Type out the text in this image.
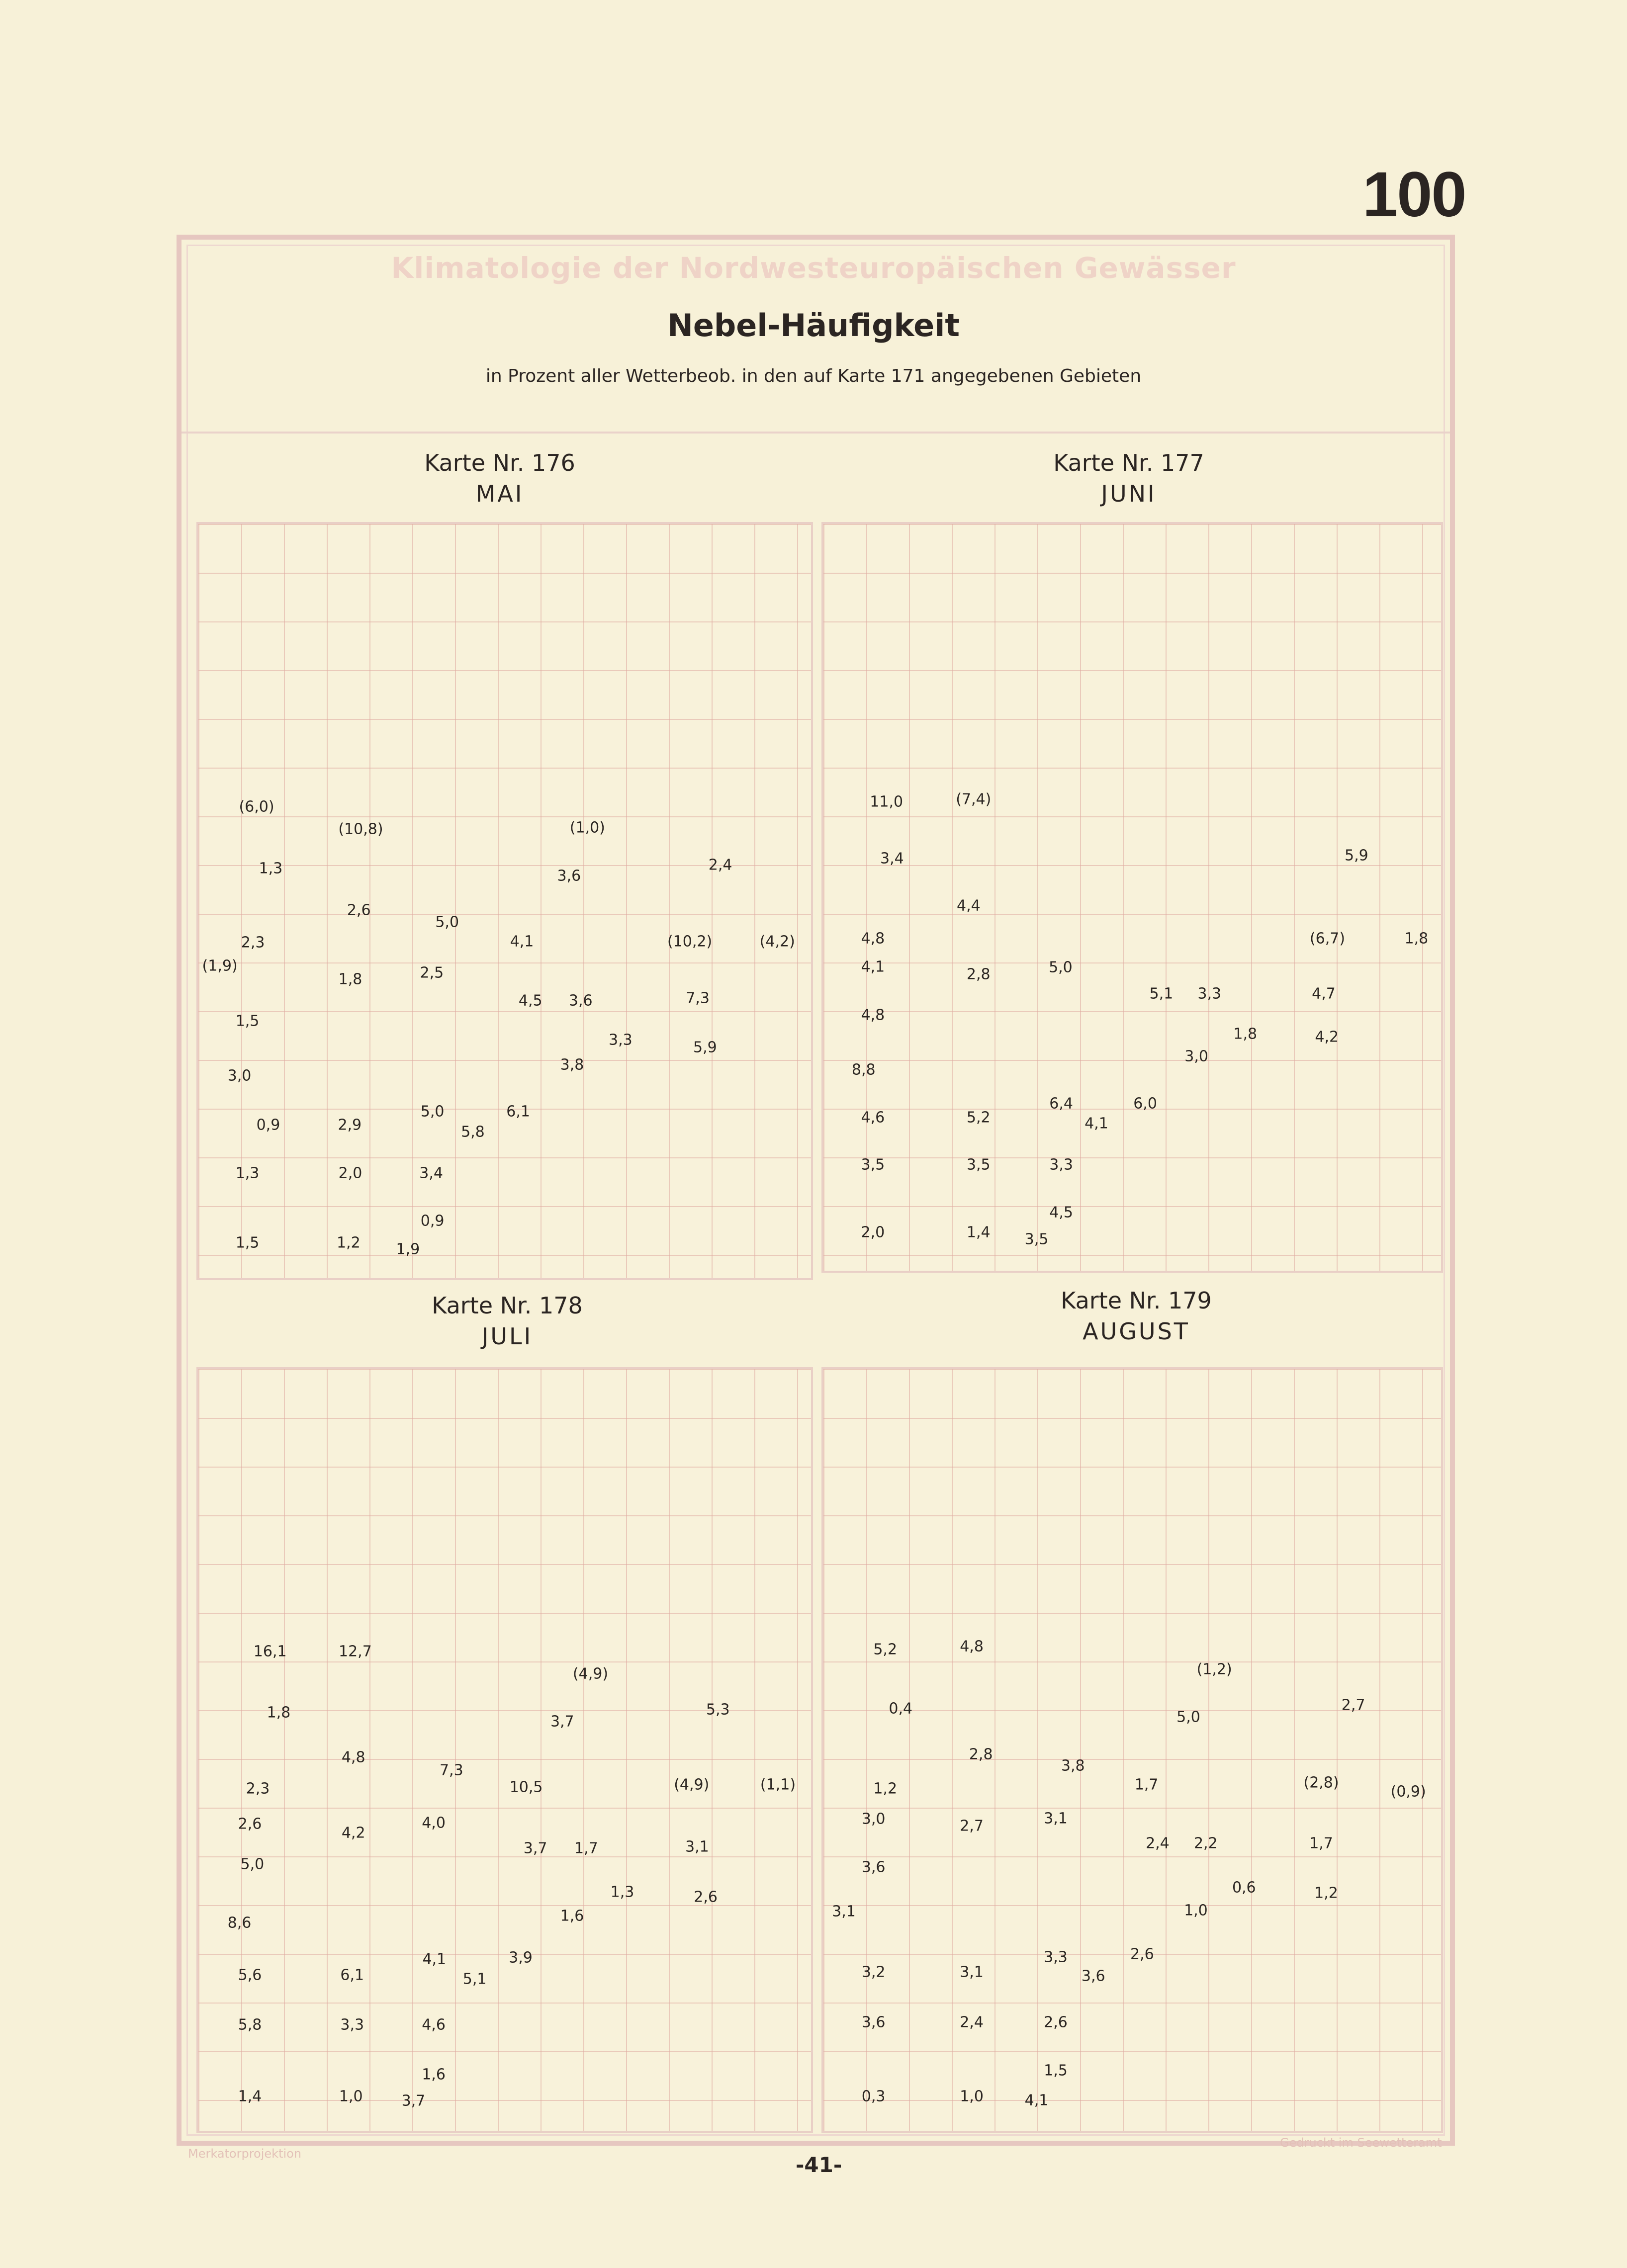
100
Klimatologie der Nordwesteuropäischen Gewässer
Nebel-Häufigkeit
in Prozent aller Wetterbeob. in den auf Karte 171 angegebenen Gebieten
Karte Nr. 176
MAI
Karte Nr. 177
JUNI
Karte Nr. 178
JULI
Karte Nr. 179
AUGUST
(6,0)
(10,8)	(1,0)
1,3	3,6
2,4
2,6
5,0
2,3	4,1	(10,2)	(4,2)
(1,9)	2,5
1,8
4,5 3,6	7,3
1,5
3,3	5,9
3,8
3,0
5,0	6,1
0,9	2,9	5,8
1,3	2,0	3,4
0,9
1,5	1,2 1,9
11,0	(7,4)
3,4	5,9
4,4
4,8	(6,7)	1,8
4,1	5,0
2,8
5,1 3,3	4,7
4,8
1,8	4,2
3,0
8,8
6,4	6,0
4,6	5,2	4,1
3,5	3,5	3,3
4,5
2,0	1,4 3,5
16,1	12,7
(4,9)
1,8	5,3
3,7
4,8
7,3
10,5	(4,9)	(1,1)
2,3
2,6	4,0
4,2
3,7 1,7	3,1
5,0
1,3	2,6
8,6	1,6
4,1	3,9
5,6	6,1	5,1
5,8	3,3	4,6
1,6
1,4	1,0	3,7
5,2	4,8
(1,2)
0,4	2,7
5,0
2,8
3,8
1,7	(2,8)
(0,9)
1,2
3,0	3,1
2,7
2,4 2,2	1,7
3,6
0,6	1,2
1,0
3,1
3,3	2,6
3,2	3,1	3,6
3,6	2,4	2,6
1,5
0,3	1,0	4,1
Merkatorprojektion
Gedruckt im Seewetteramt
-41-
